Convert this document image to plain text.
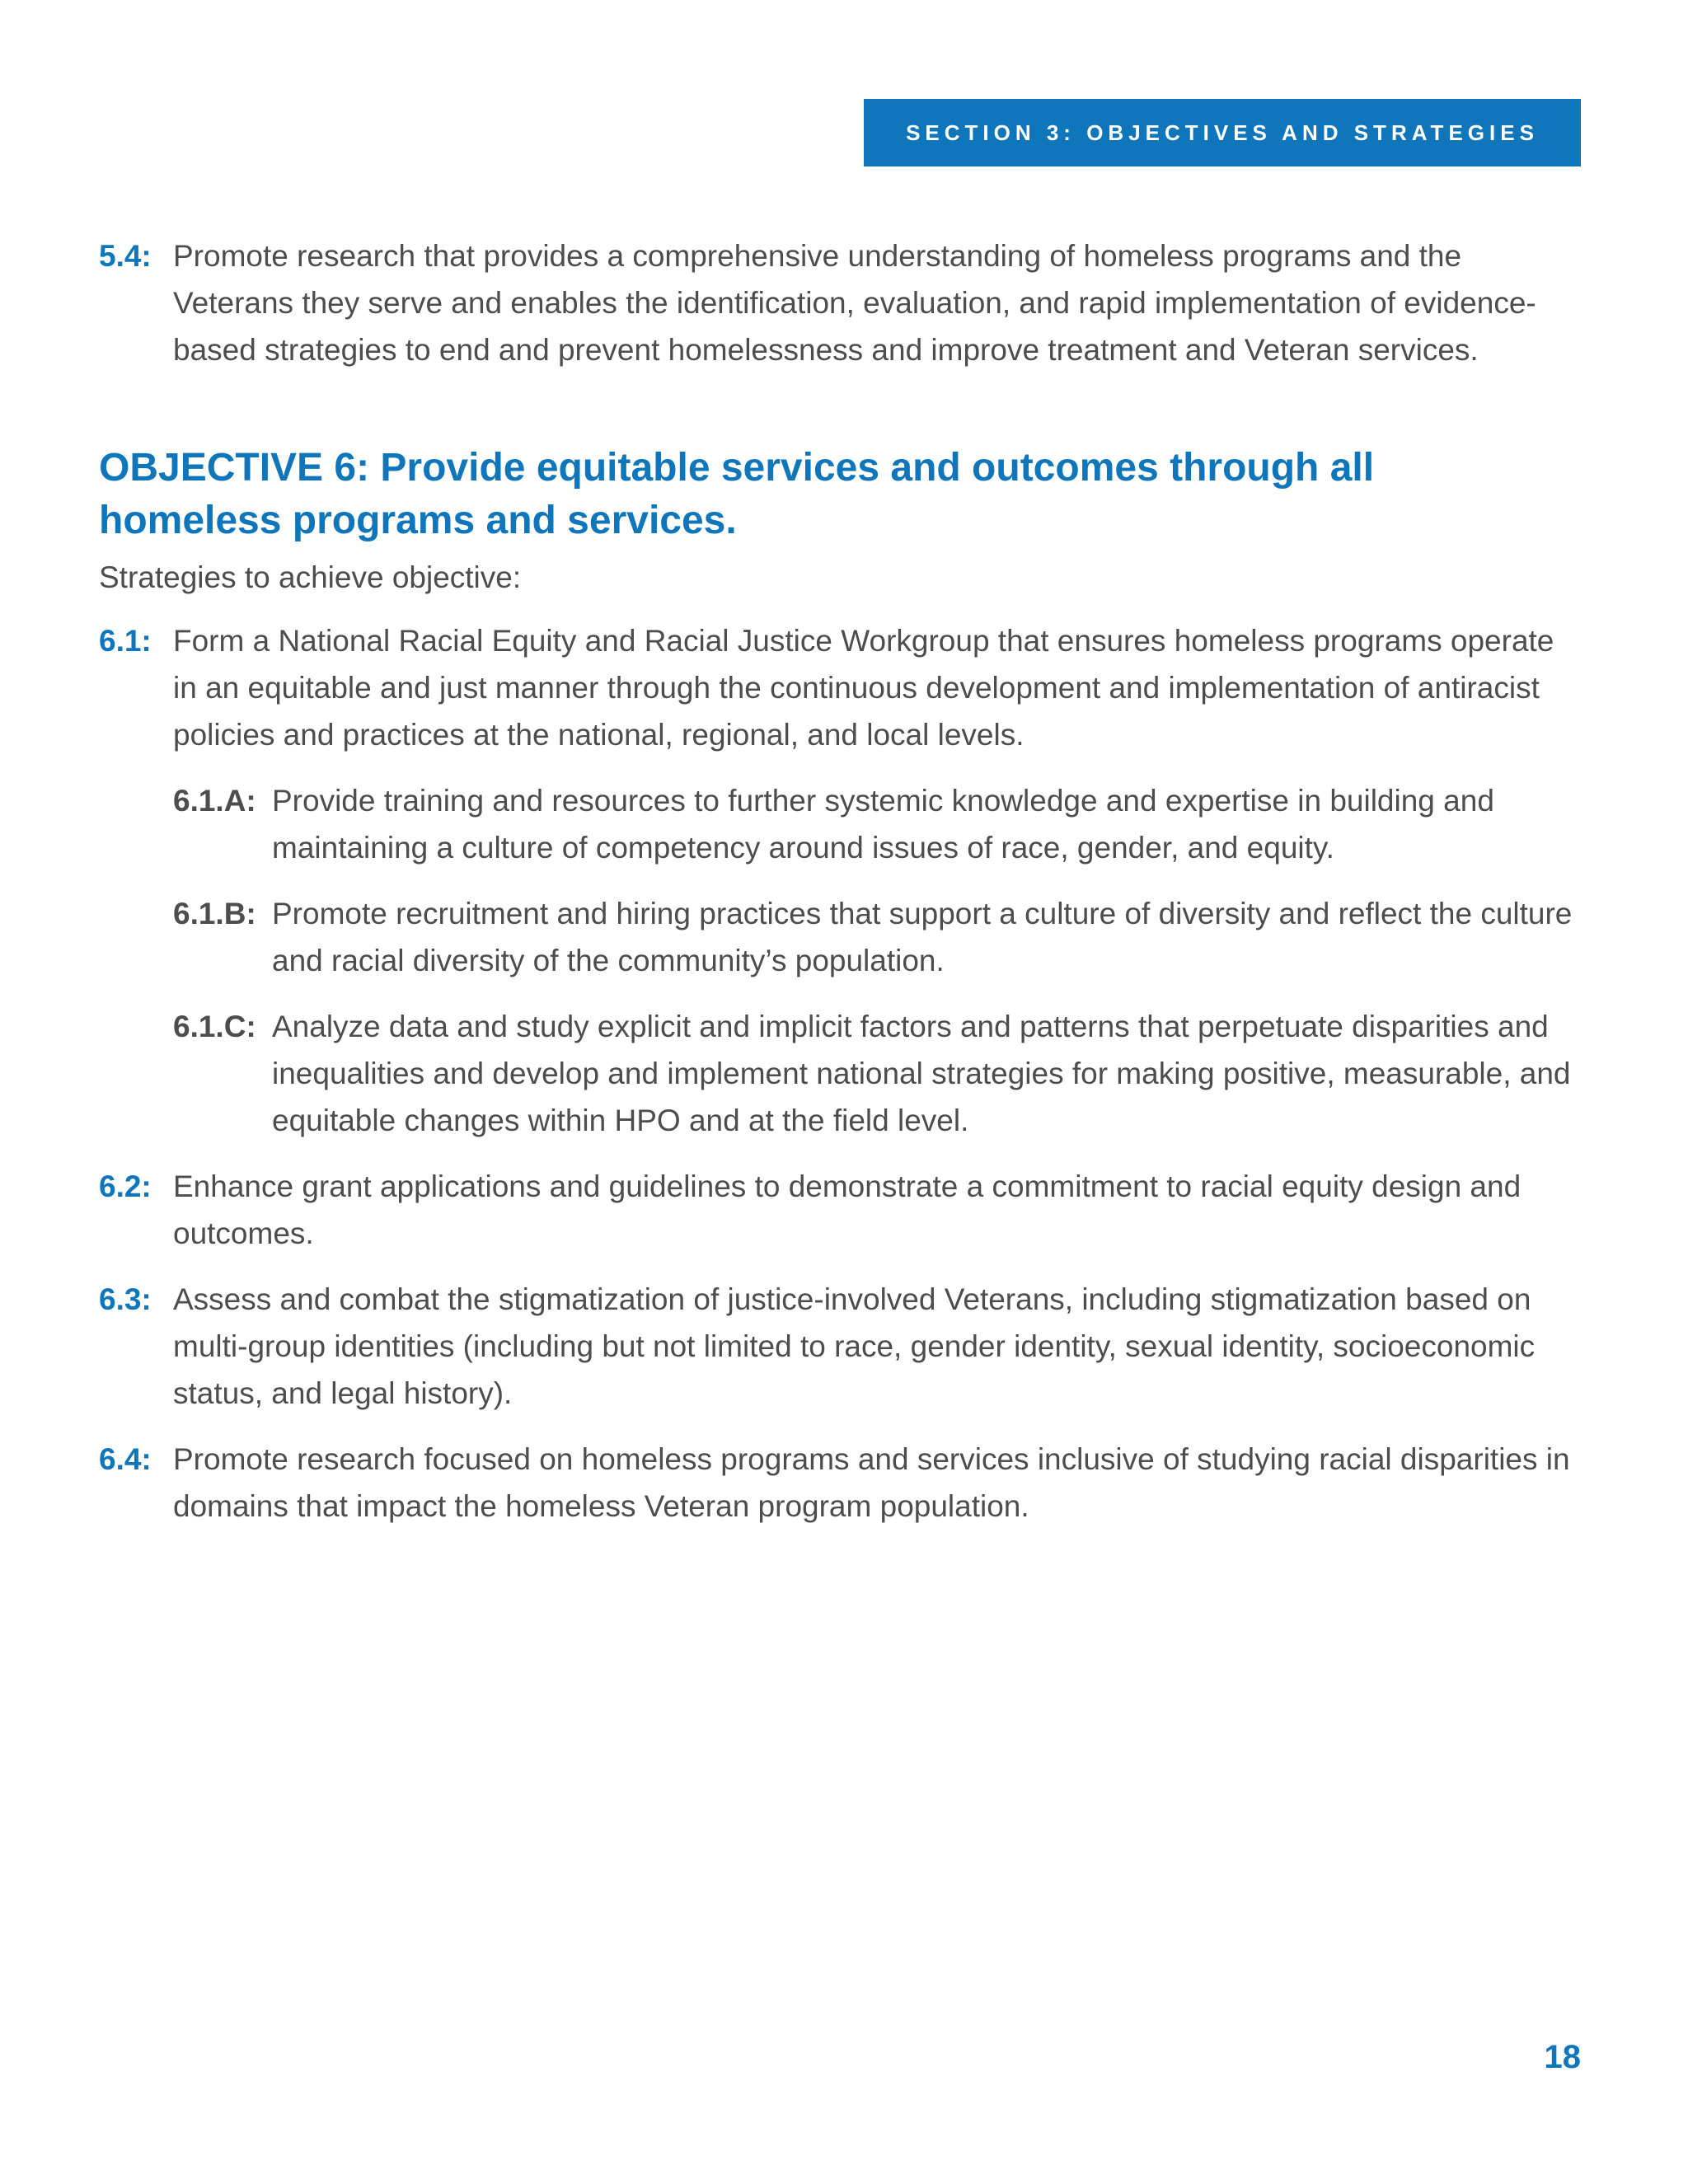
SECTION 3: OBJECTIVES AND STRATEGIES
5.4: Promote research that provides a comprehensive understanding of homeless programs and the Veterans they serve and enables the identification, evaluation, and rapid implementation of evidence-based strategies to end and prevent homelessness and improve treatment and Veteran services.
OBJECTIVE 6: Provide equitable services and outcomes through all homeless programs and services.

Strategies to achieve objective:

6.1: Form a National Racial Equity and Racial Justice Workgroup that ensures homeless programs operate in an equitable and just manner through the continuous development and implementation of antiracist policies and practices at the national, regional, and local levels.
6.1.A: Provide training and resources to further systemic knowledge and expertise in building and maintaining a culture of competency around issues of race, gender, and equity.
6.1.B: Promote recruitment and hiring practices that support a culture of diversity and reflect the culture and racial diversity of the community’s population.
6.1.C: Analyze data and study explicit and implicit factors and patterns that perpetuate disparities and inequalities and develop and implement national strategies for making positive, measurable, and equitable changes within HPO and at the field level.
6.2: Enhance grant applications and guidelines to demonstrate a commitment to racial equity design and outcomes.
6.3: Assess and combat the stigmatization of justice-involved Veterans, including stigmatization based on multi-group identities (including but not limited to race, gender identity, sexual identity, socioeconomic status, and legal history).
6.4: Promote research focused on homeless programs and services inclusive of studying racial disparities in domains that impact the homeless Veteran program population.
18
